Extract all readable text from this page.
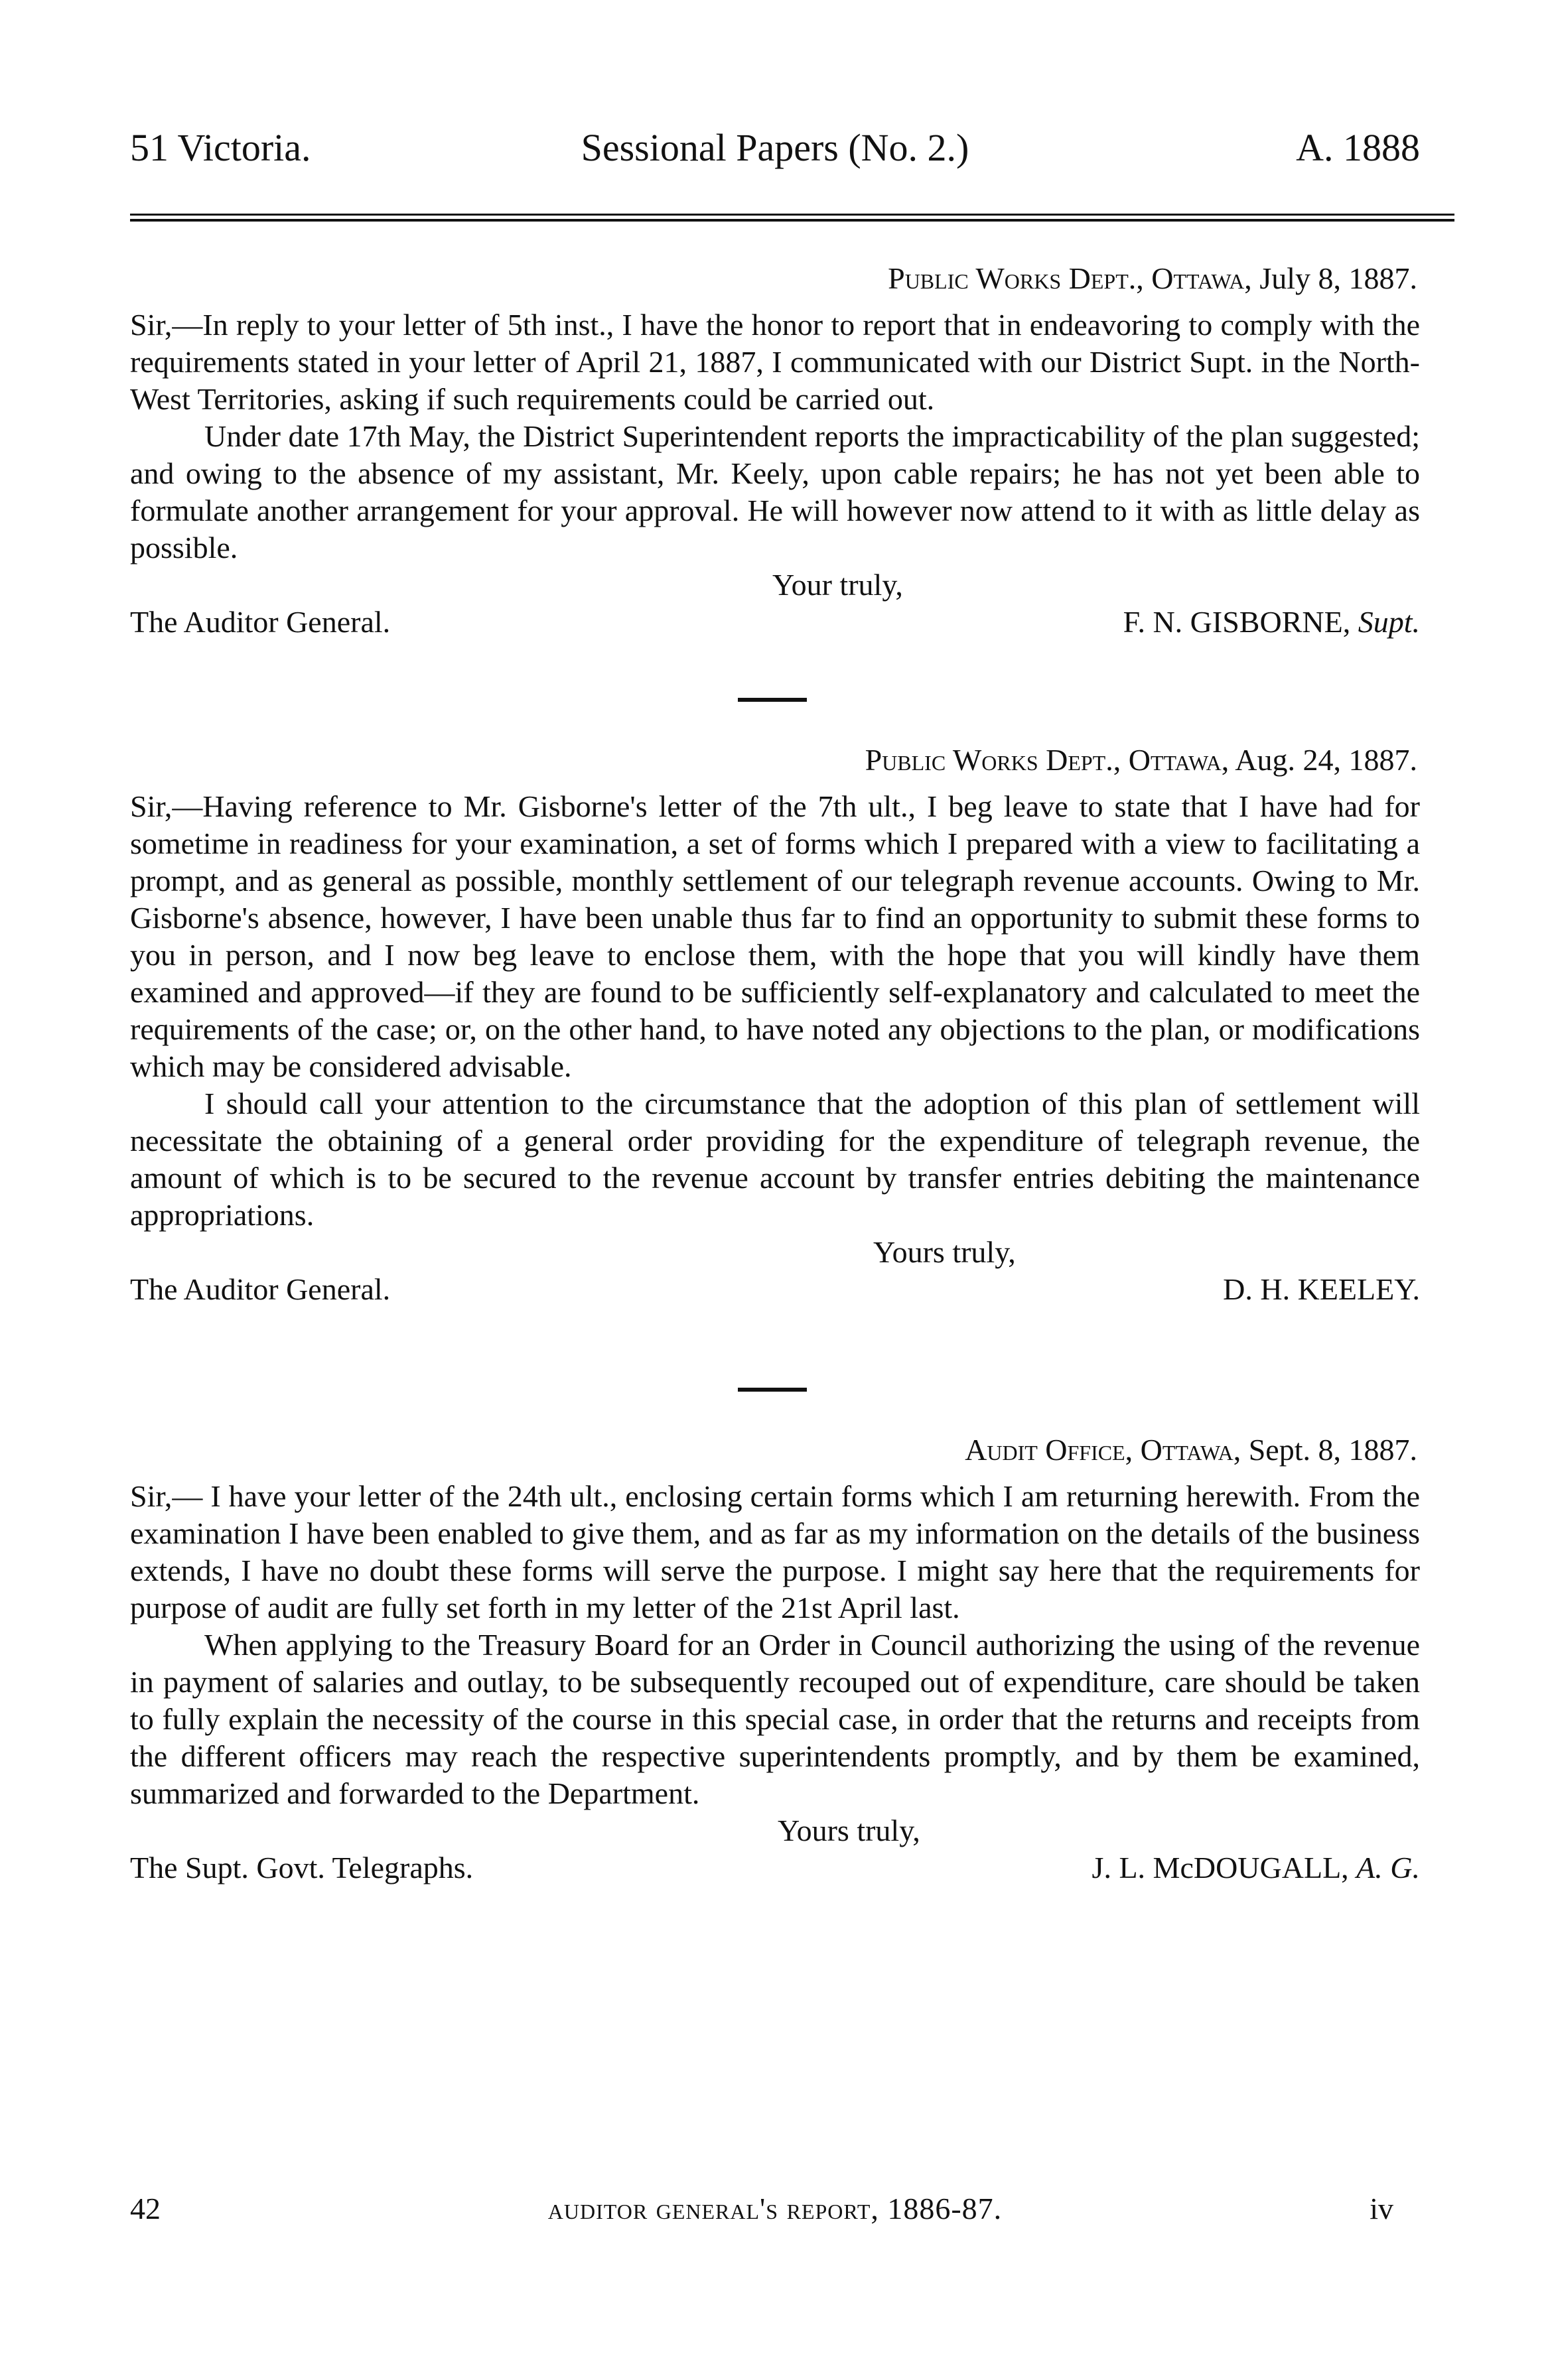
51 Victoria.	Sessional Papers (No. 2.)	A. 1888
Public Works Dept., Ottawa, July 8, 1887.

Sir,—In reply to your letter of 5th inst., I have the honor to report that in endeavoring to comply with the requirements stated in your letter of April 21, 1887, I communicated with our District Supt. in the North-West Territories, asking if such requirements could be carried out.

Under date 17th May, the District Superintendent reports the impracticability of the plan suggested; and owing to the absence of my assistant, Mr. Keely, upon cable repairs; he has not yet been able to formulate another arrangement for your approval. He will however now attend to it with as little delay as possible.

Your truly,
The Auditor General.	F. N. GISBORNE, Supt.
Public Works Dept., Ottawa, Aug. 24, 1887.

Sir,—Having reference to Mr. Gisborne's letter of the 7th ult., I beg leave to state that I have had for sometime in readiness for your examination, a set of forms which I prepared with a view to facilitating a prompt, and as general as possible, monthly settlement of our telegraph revenue accounts. Owing to Mr. Gisborne's absence, however, I have been unable thus far to find an opportunity to submit these forms to you in person, and I now beg leave to enclose them, with the hope that you will kindly have them examined and approved—if they are found to be sufficiently self-explanatory and calculated to meet the requirements of the case; or, on the other hand, to have noted any objections to the plan, or modifications which may be considered advisable.

I should call your attention to the circumstance that the adoption of this plan of settlement will necessitate the obtaining of a general order providing for the expenditure of telegraph revenue, the amount of which is to be secured to the revenue account by transfer entries debiting the maintenance appropriations.

Yours truly,
The Auditor General.	D. H. KEELEY.
Audit Office, Ottawa, Sept. 8, 1887.

Sir,— I have your letter of the 24th ult., enclosing certain forms which I am returning herewith. From the examination I have been enabled to give them, and as far as my information on the details of the business extends, I have no doubt these forms will serve the purpose. I might say here that the requirements for purpose of audit are fully set forth in my letter of the 21st April last.

When applying to the Treasury Board for an Order in Council authorizing the using of the revenue in payment of salaries and outlay, to be subsequently recouped out of expenditure, care should be taken to fully explain the necessity of the course in this special case, in order that the returns and receipts from the different officers may reach the respective superintendents promptly, and by them be examined, summarized and forwarded to the Department.

Yours truly,
The Supt. Govt. Telegraphs.	J. L. McDOUGALL, A. G.
42	auditor general's report, 1886-87.	iv
